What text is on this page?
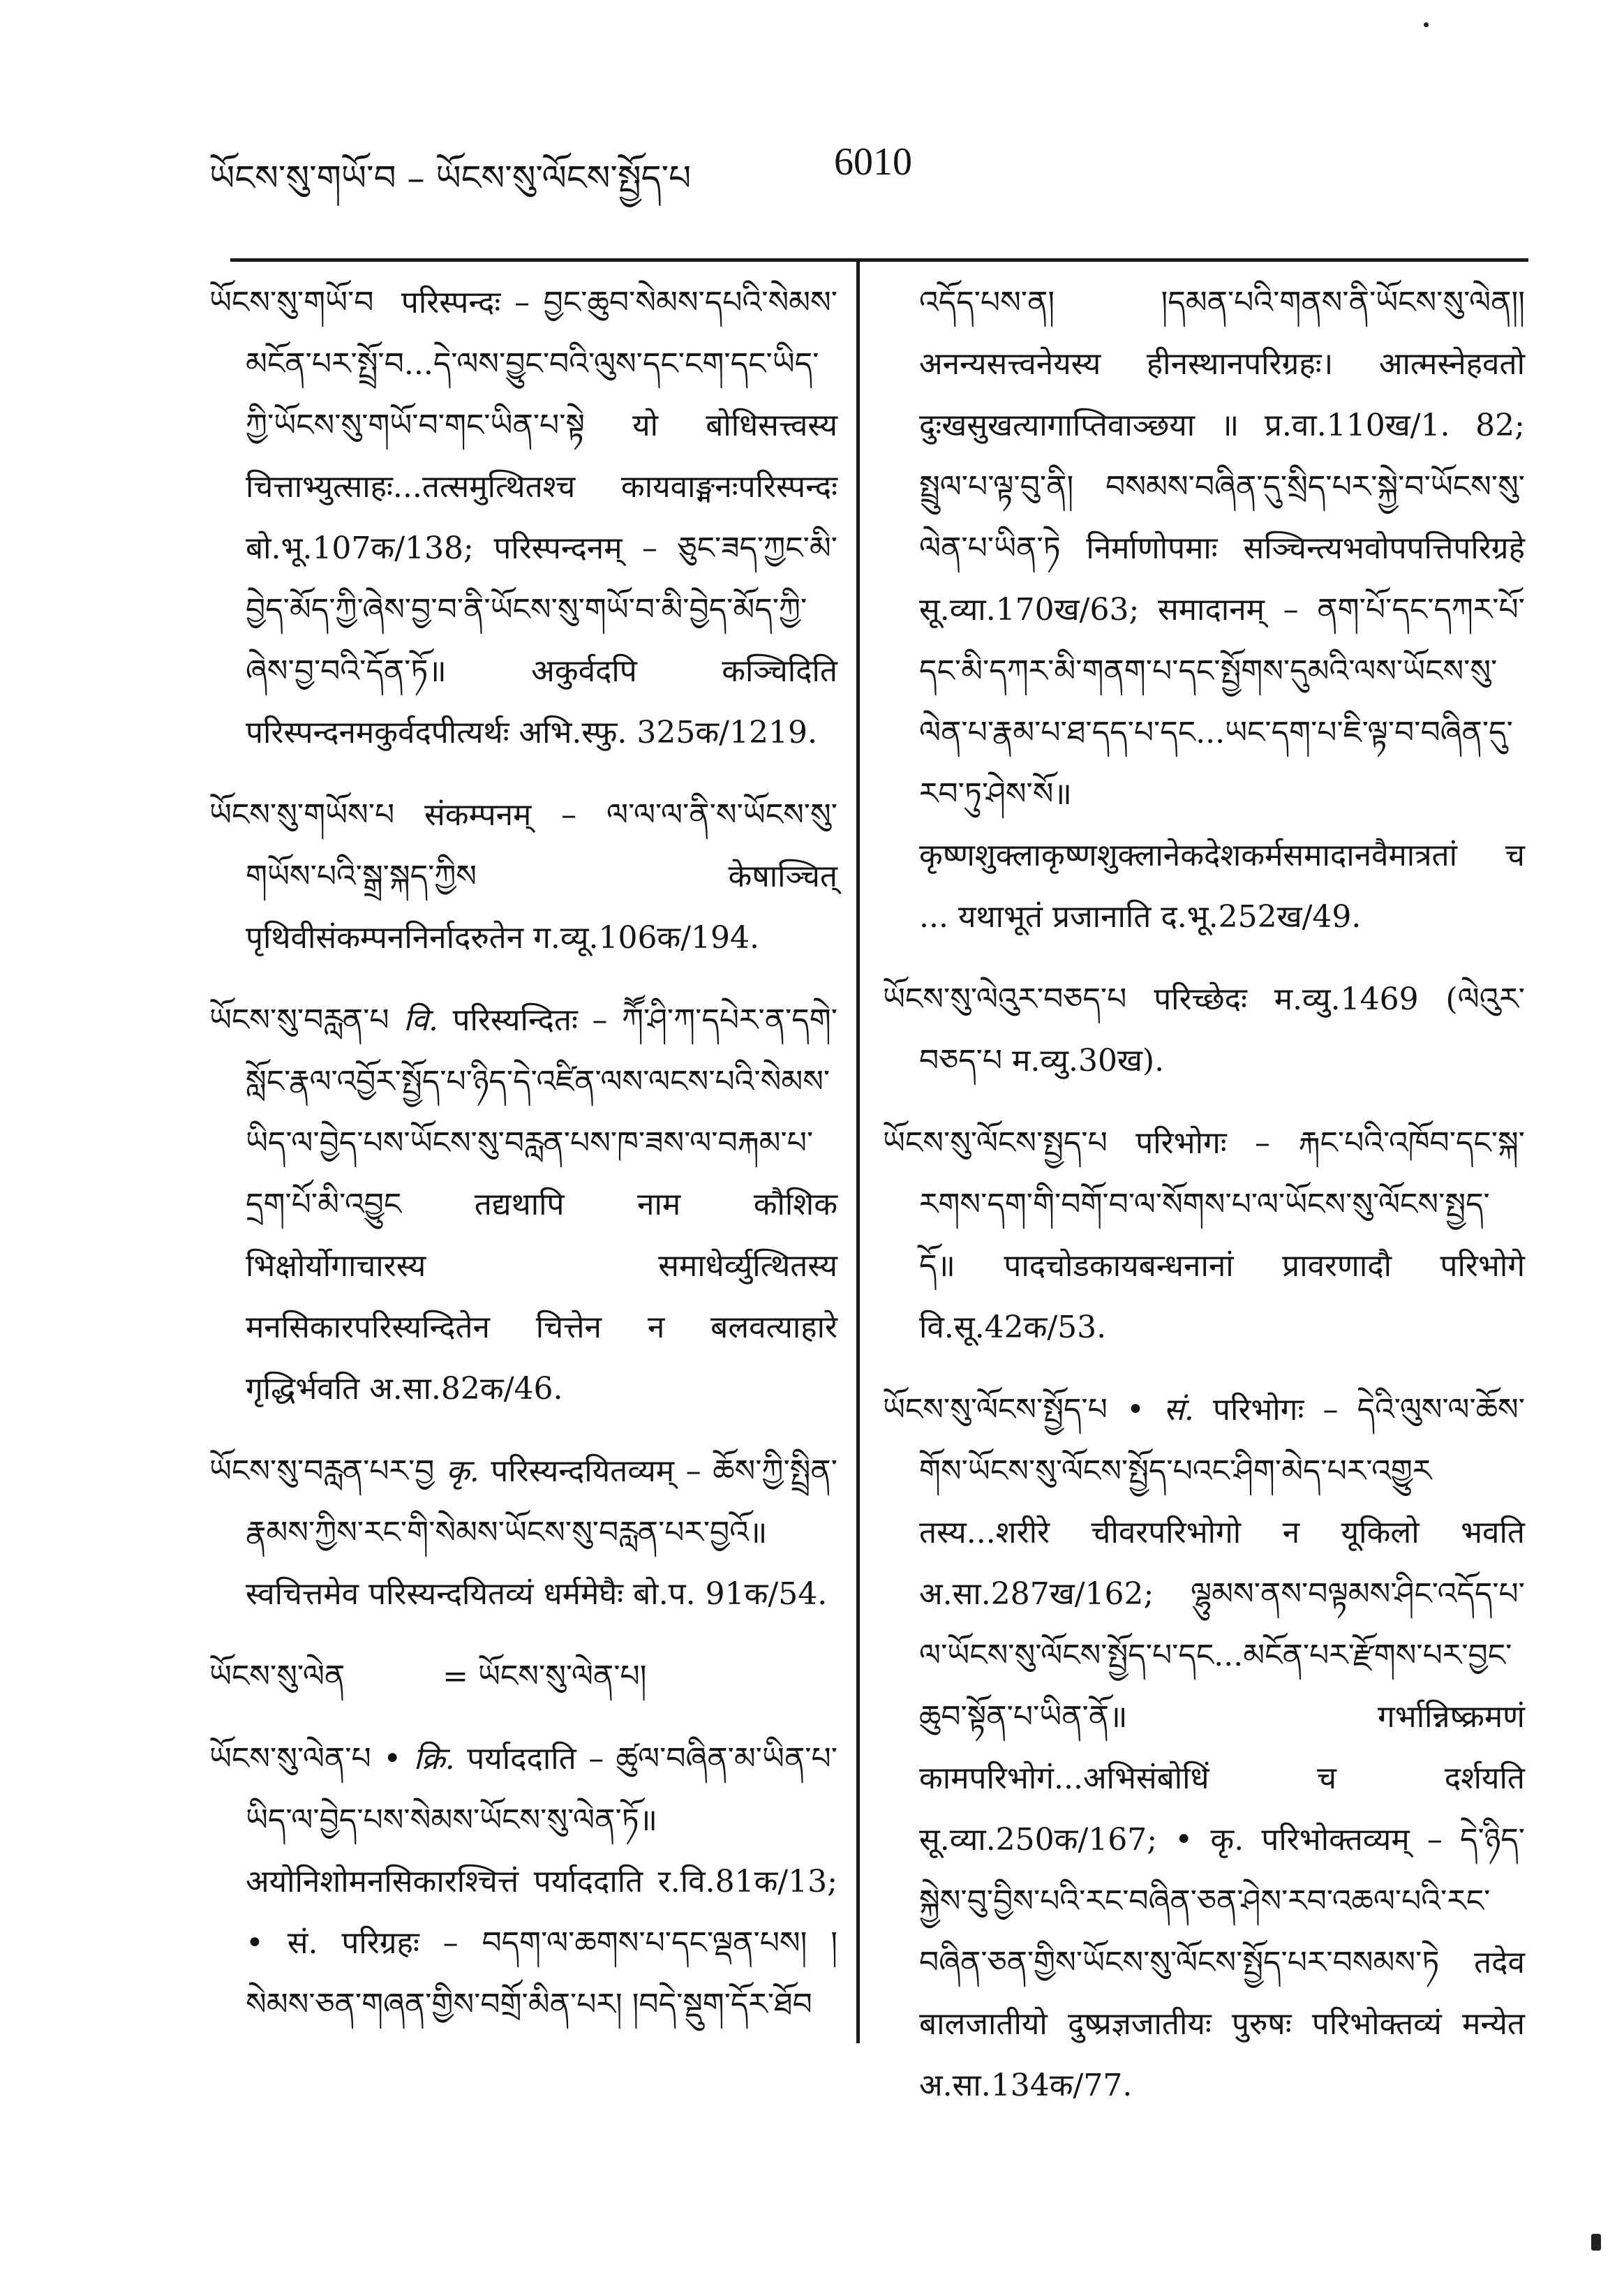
ཡོངས་སུ་གཡོ་བ – ཡོངས་སུ་ལོངས་སྤྱོད་པ	6010

ཡོངས་སུ་གཡོ་བ परिस्पन्दः – བྱང་ཆུབ་སེམས་དཔའི་སེམས་མངོན་པར་སྤྲོ་བ...དེ་ལས་བྱུང་བའི་ལུས་དང་ངག་དང་ཡིད་ཀྱི་ཡོངས་སུ་གཡོ་བ་གང་ཡིན་པ་སྟེ यो बोधिसत्त्वस्य चित्ताभ्युत्साहः...तत्समुत्थितश्च कायवाङ्मनःपरिस्पन्दः बो.भू.107क/138; परिस्पन्दनम् – ཅུང་ཟད་ཀྱང་མི་བྱེད་མོད་ཀྱི་ཞེས་བྱ་བ་ནི་ཡོངས་སུ་གཡོ་བ་མི་བྱེད་མོད་ཀྱི་ཞེས་བྱ་བའི་དོན་ཏོ॥ अकुर्वदपि कञ्चिदिति परिस्पन्दनमकुर्वदपीत्यर्थः अभि.स्फु. 325क/1219.

ཡོངས་སུ་གཡོས་པ संकम्पनम् – ལ་ལ་ལ་ནི་ས་ཡོངས་སུ་གཡོས་པའི་སྒྲ་སྐད་ཀྱིས केषाञ्चित् पृथिवीसंकम्पननिर्नादरुतेन ग.व्यू.106क/194.

ཡོངས་སུ་བརླན་པ वि. परिस्यन्दितः – ཀཽ་ཤི་ཀ་དཔེར་ན་དགེ་སློང་རྣལ་འབྱོར་སྤྱོད་པ་ཉིད་དེ་འཛིན་ལས་ལངས་པའི་སེམས་ཡིད་ལ་བྱེད་པས་ཡོངས་སུ་བརླན་པས་ཁ་ཟས་ལ་བརྐམ་པ་དྲག་པོ་མི་འབྱུང तद्यथापि नाम कौशिक भिक्षोर्योगाचारस्य समाधेर्व्युत्थितस्य मनसिकारपरिस्यन्दितेन चित्तेन न बलवत्याहारे गृद्धिर्भवति अ.सा.82क/46.

ཡོངས་སུ་བརླན་པར་བྱ कृ. परिस्यन्दयितव्यम् – ཆོས་ཀྱི་སྤྲིན་རྣམས་ཀྱིས་རང་གི་སེམས་ཡོངས་སུ་བརླན་པར་བྱའོ॥ स्वचित्तमेव परिस्यन्दयितव्यं धर्ममेघैः बो.प. 91क/54.

ཡོངས་སུ་ལེན	= ཡོངས་སུ་ལེན་པ།

ཡོངས་སུ་ལེན་པ • क्रि. पर्याददाति – ཚུལ་བཞིན་མ་ཡིན་པ་ཡིད་ལ་བྱེད་པས་སེམས་ཡོངས་སུ་ལེན་ཏོ॥ अयोनिशोमनसिकारश्चित्तं पर्याददाति र.वि.81क/13; • सं. परिग्रहः – བདག་ལ་ཆགས་པ་དང་ལྡན་པས། །སེམས་ཅན་གཞན་གྱིས་བགྲོ་མིན་པར། །བདེ་སྡུག་དོར་ཐོབ

འདོད་པས་ན། །དམན་པའི་གནས་ནི་ཡོངས་སུ་ལེན།། अनन्यसत्त्वनेयस्य हीनस्थानपरिग्रहः। आत्मस्नेहवतो दुःखसुखत्यागाप्तिवाञ्छया ॥ प्र.वा.110ख/1. 82; སྤྲུལ་པ་ལྟ་བུ་ནི། བསམས་བཞིན་དུ་སྲིད་པར་སྐྱེ་བ་ཡོངས་སུ་ལེན་པ་ཡིན་ཏེ निर्माणोपमाः सञ्चिन्त्यभवोपपत्तिपरिग्रहे सू.व्या.170ख/63; समादानम् – ནག་པོ་དང་དཀར་པོ་དང་མི་དཀར་མི་གནག་པ་དང་སྤྱོགས་དུམའི་ལས་ཡོངས་སུ་ལེན་པ་རྣམ་པ་ཐ་དད་པ་དང...ཡང་དག་པ་ཇི་ལྟ་བ་བཞིན་དུ་རབ་ཏུ་ཤེས་སོ॥ कृष्णशुक्लाकृष्णशुक्लानेकदेशकर्मसमादानवैमात्रतां च ... यथाभूतं प्रजानाति द.भू.252ख/49.

ཡོངས་སུ་ལེའུར་བཅད་པ परिच्छेदः म.व्यु.1469 (ལེའུར་བཅད་པ म.व्यु.30ख).

ཡོངས་སུ་ལོངས་སྤྱད་པ परिभोगः – རྐང་པའི་འཁོབ་དང་སྐ་རགས་དག་གི་བགོ་བ་ལ་སོགས་པ་ལ་ཡོངས་སུ་ལོངས་སྤྱད་དོ॥ पादचोडकायबन्धनानां प्रावरणादौ परिभोगे वि.सू.42क/53.

ཡོངས་སུ་ལོངས་སྤྱོད་པ • सं. परिभोगः – དེའི་ལུས་ལ་ཆོས་གོས་ཡོངས་སུ་ལོངས་སྤྱོད་པའང་ཤིག་མེད་པར་འགྱུར तस्य...शरीरे चीवरपरिभोगो न यूकिलो भवति अ.सा.287ख/162; ལྷུམས་ནས་བལྟམས་ཤིང་འདོད་པ་ལ་ཡོངས་སུ་ལོངས་སྤྱོད་པ་དང...མངོན་པར་རྫོགས་པར་བྱང་ཆུབ་སྟོན་པ་ཡིན་ནོ॥ गर्भान्निष्क्रमणं कामपरिभोगं...अभिसंबोधिं च दर्शयति सू.व्या.250क/167; • कृ. परिभोक्तव्यम् – དེ་ཉིད་སྐྱེས་བུ་བྱིས་པའི་རང་བཞིན་ཅན་ཤེས་རབ་འཆལ་པའི་རང་བཞིན་ཅན་གྱིས་ཡོངས་སུ་ལོངས་སྤྱོད་པར་བསམས་ཏེ तदेव बालजातीयो दुष्प्रज्ञजातीयः पुरुषः परिभोक्तव्यं मन्येत अ.सा.134क/77.
